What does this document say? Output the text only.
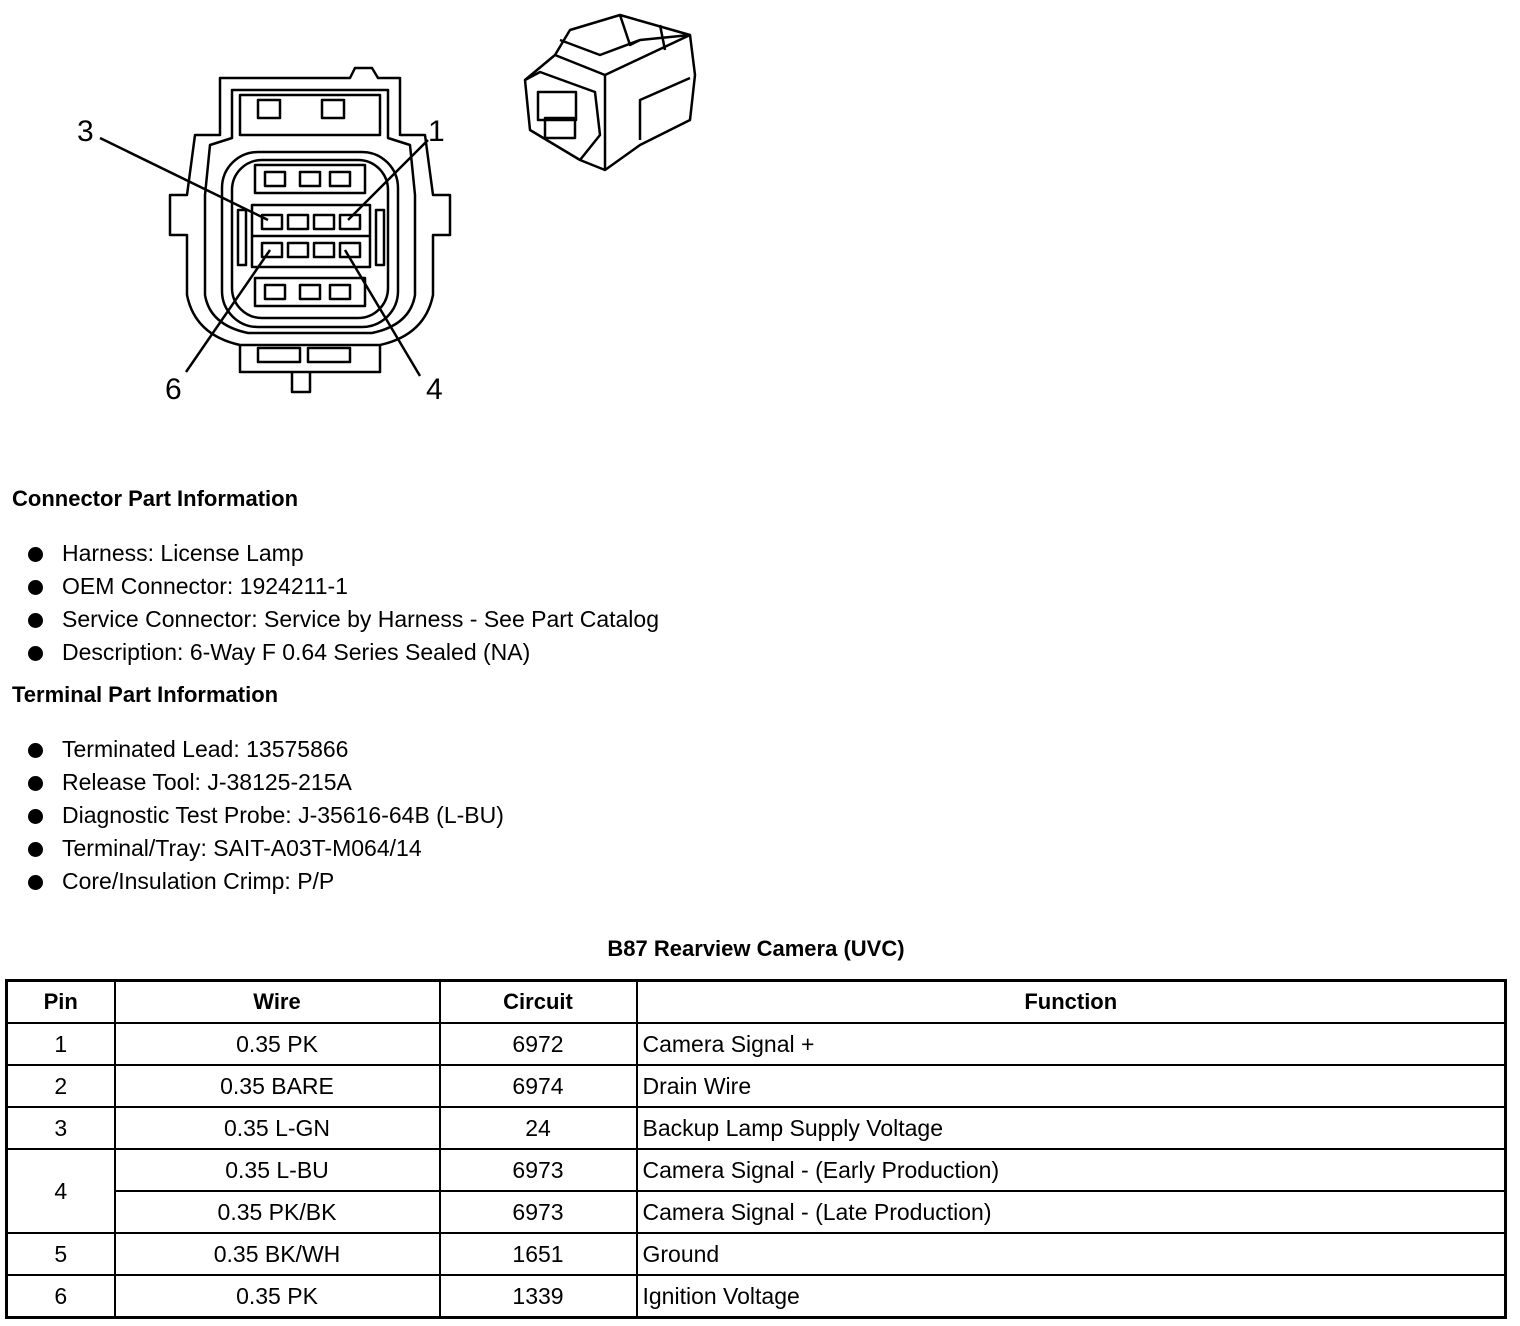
3	1
6	4
Connector Part Information
Harness: License Lamp
OEM Connector: 1924211-1
Service Connector: Service by Harness - See Part Catalog
Description: 6-Way F 0.64 Series Sealed (NA)
Terminal Part Information
Terminated Lead: 13575866
Release Tool: J-38125-215A
Diagnostic Test Probe: J-35616-64B (L-BU)
Terminal/Tray: SAIT-A03T-M064/14
Core/Insulation Crimp: P/P
B87 Rearview Camera (UVC)
Pin	Wire	Circuit	Function
1	0.35 PK	6972	Camera Signal +
2	0.35 BARE	6974	Drain Wire
3	0.35 L-GN	24	Backup Lamp Supply Voltage
4	0.35 L-BU	6973	Camera Signal - (Early Production)
	0.35 PK/BK	6973	Camera Signal - (Late Production)
5	0.35 BK/WH	1651	Ground
6	0.35 PK	1339	Ignition Voltage
